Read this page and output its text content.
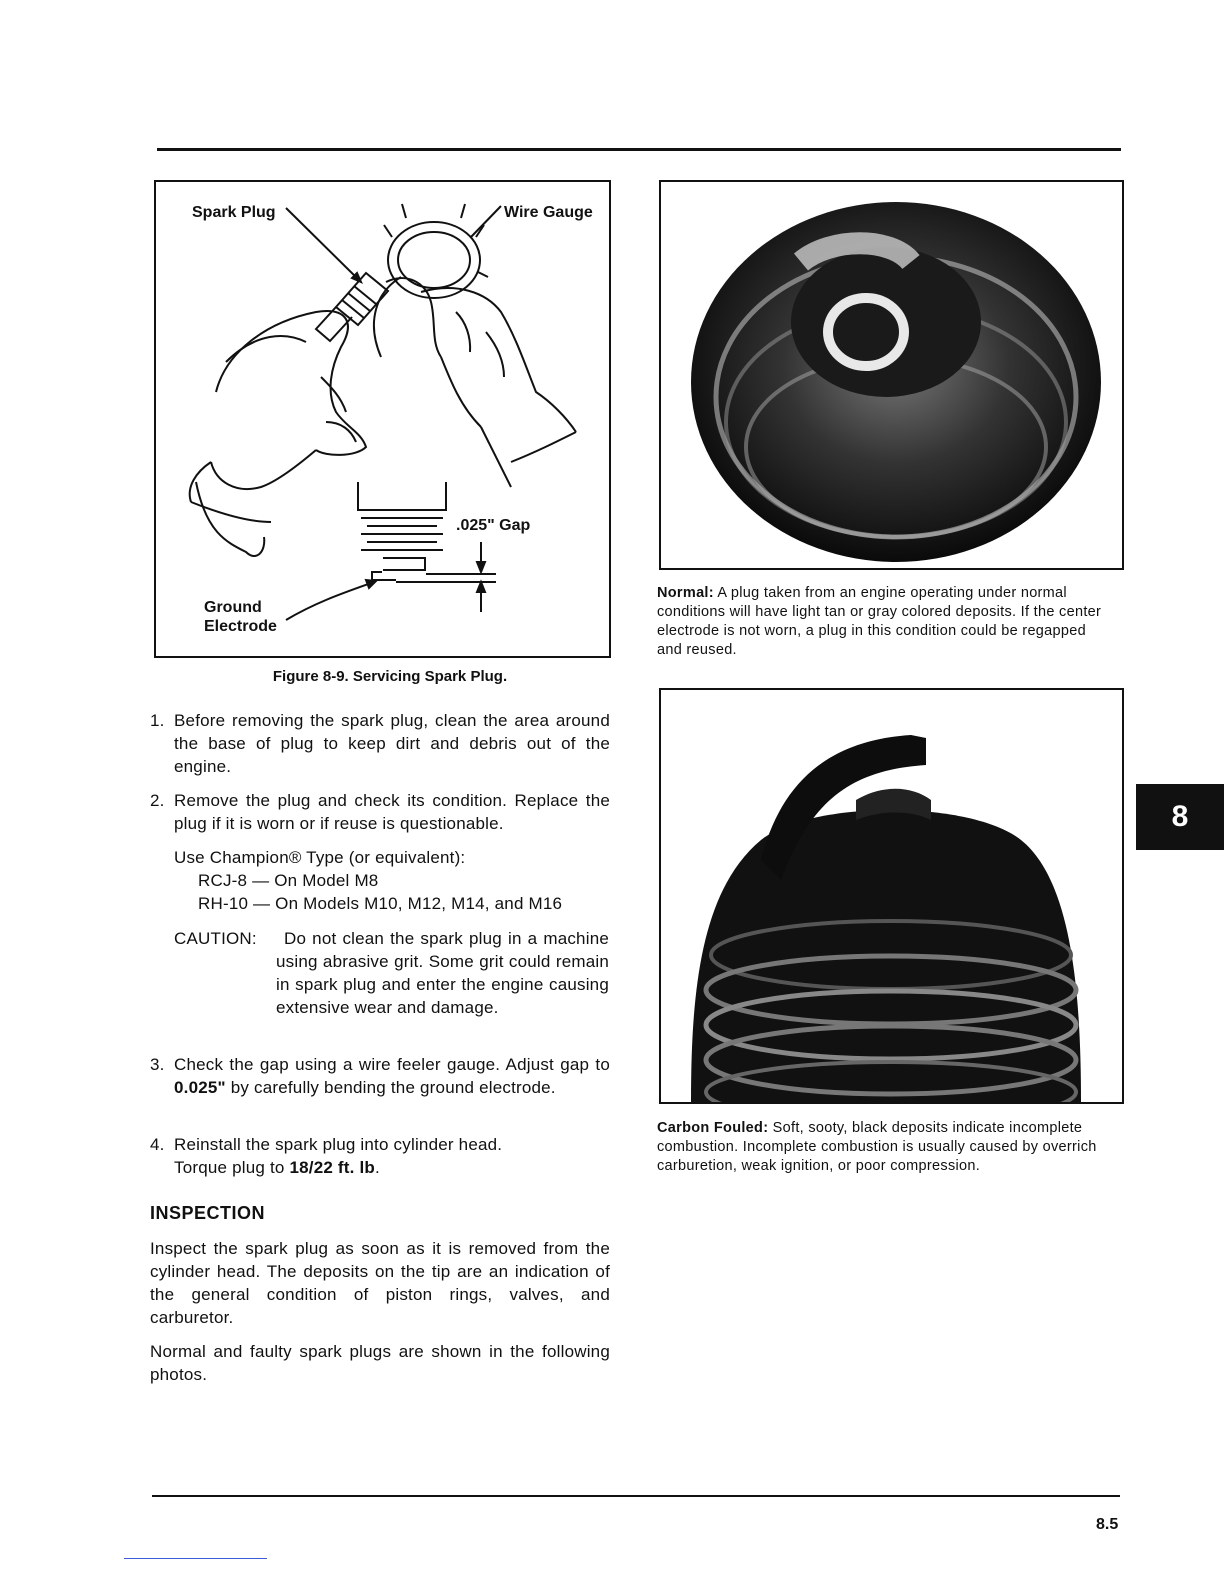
Spark Plug	Wire Gauge
.025" Gap
Ground
Electrode
Figure 8-9. Servicing Spark Plug.
1. Before removing the spark plug, clean the area around the base of plug to keep dirt and debris out of the engine.
2. Remove the plug and check its condition. Replace the plug if it is worn or if reuse is questionable.
Use Champion® Type (or equivalent):
RCJ-8 — On Model M8
RH-10 — On Models M10, M12, M14, and M16
CAUTION:	Do not clean the spark plug in a machine using abrasive grit. Some grit could remain in spark plug and enter the engine causing extensive wear and damage.
3. Check the gap using a wire feeler gauge. Adjust gap to 0.025" by carefully bending the ground electrode.
4. Reinstall the spark plug into cylinder head.
Torque plug to 18/22 ft. lb.
INSPECTION
Inspect the spark plug as soon as it is removed from the cylinder head. The deposits on the tip are an indication of the general condition of piston rings, valves, and carburetor.
Normal and faulty spark plugs are shown in the following photos.
Normal: A plug taken from an engine operating under normal conditions will have light tan or gray colored deposits. If the center electrode is not worn, a plug in this condition could be regapped and reused.
Carbon Fouled: Soft, sooty, black deposits indicate incomplete combustion. Incomplete combustion is usually caused by overrich carburetion, weak ignition, or poor compression.
8
8.5
